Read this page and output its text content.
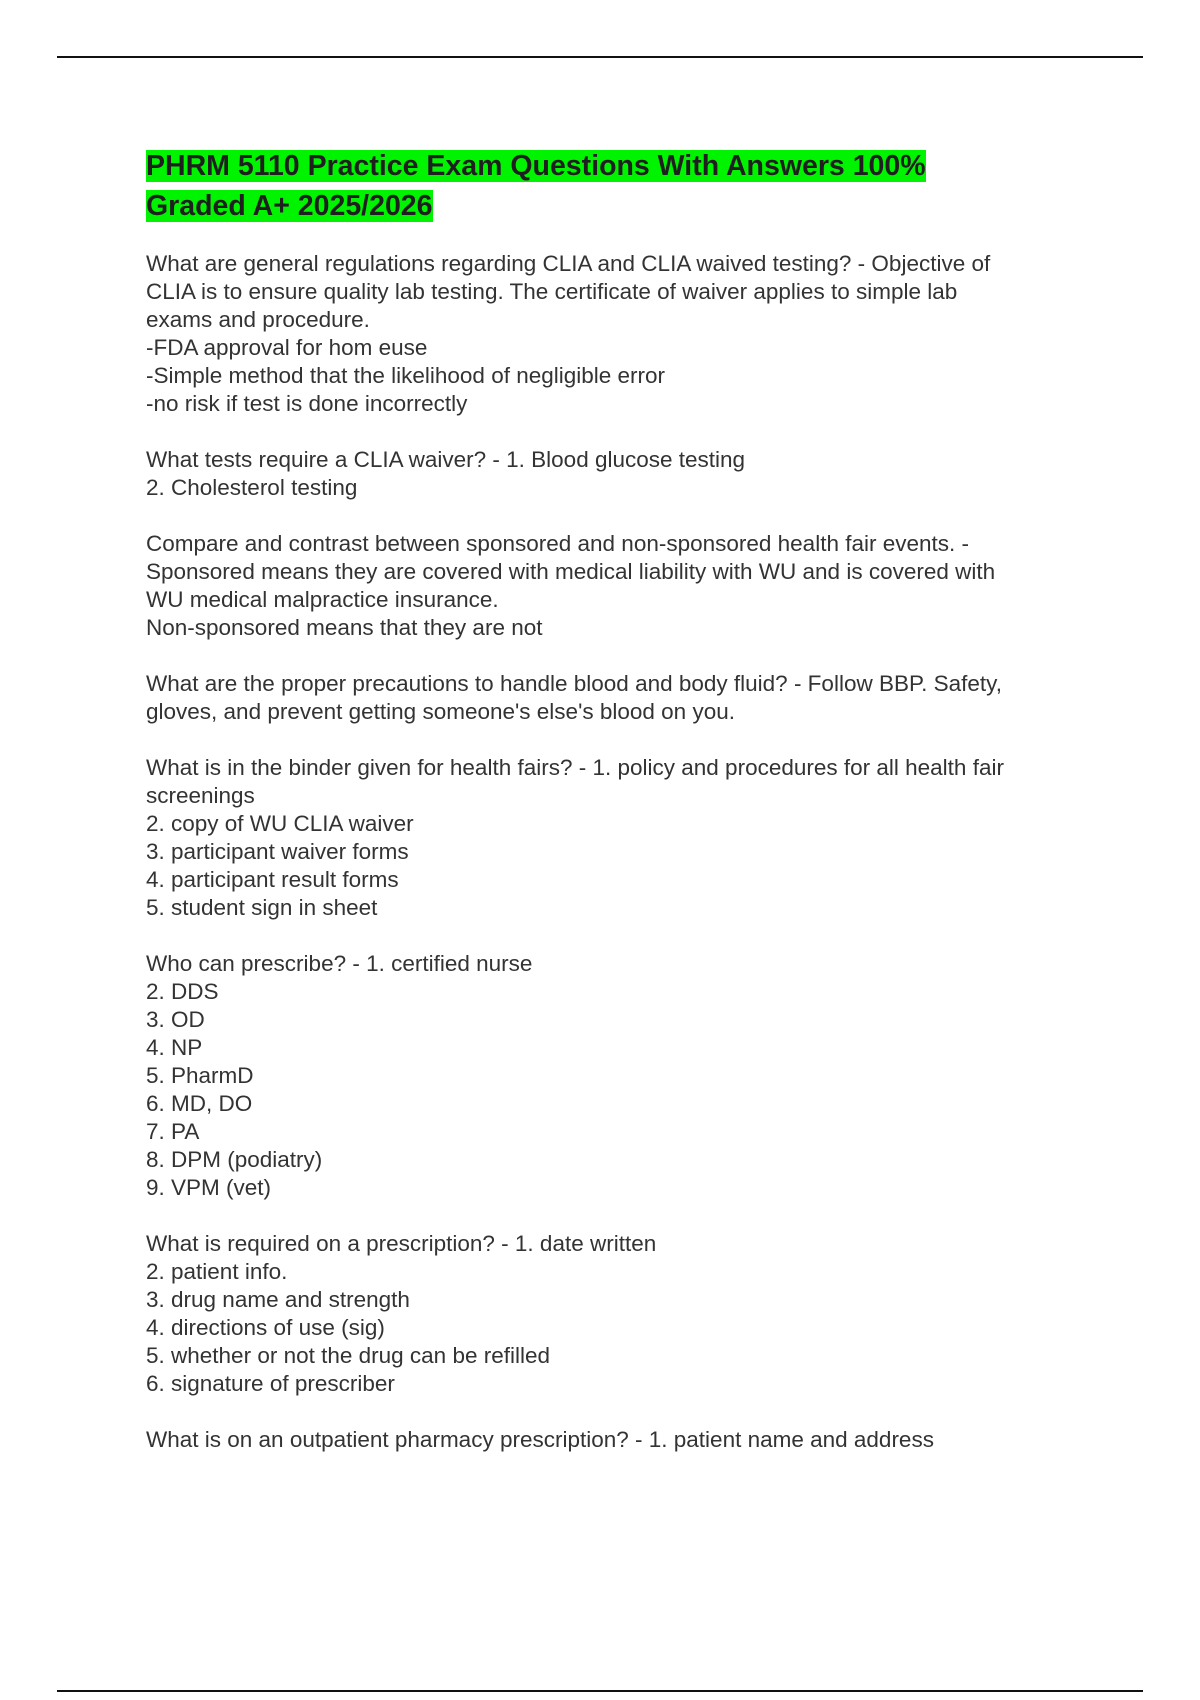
PHRM 5110 Practice Exam Questions With Answers 100%
Graded A+ 2025/2026
What are general regulations regarding CLIA and CLIA waived testing? - Objective of
CLIA is to ensure quality lab testing. The certificate of waiver applies to simple lab
exams and procedure.
-FDA approval for hom euse
-Simple method that the likelihood of negligible error
-no risk if test is done incorrectly
What tests require a CLIA waiver? - 1. Blood glucose testing
2. Cholesterol testing
Compare and contrast between sponsored and non-sponsored health fair events. -
Sponsored means they are covered with medical liability with WU and is covered with
WU medical malpractice insurance.
Non-sponsored means that they are not
What are the proper precautions to handle blood and body fluid? - Follow BBP. Safety,
gloves, and prevent getting someone's else's blood on you.
What is in the binder given for health fairs? - 1. policy and procedures for all health fair
screenings
2. copy of WU CLIA waiver
3. participant waiver forms
4. participant result forms
5. student sign in sheet
Who can prescribe? - 1. certified nurse
2. DDS
3. OD
4. NP
5. PharmD
6. MD, DO
7. PA
8. DPM (podiatry)
9. VPM (vet)
What is required on a prescription? - 1. date written
2. patient info.
3. drug name and strength
4. directions of use (sig)
5. whether or not the drug can be refilled
6. signature of prescriber
What is on an outpatient pharmacy prescription? - 1. patient name and address
